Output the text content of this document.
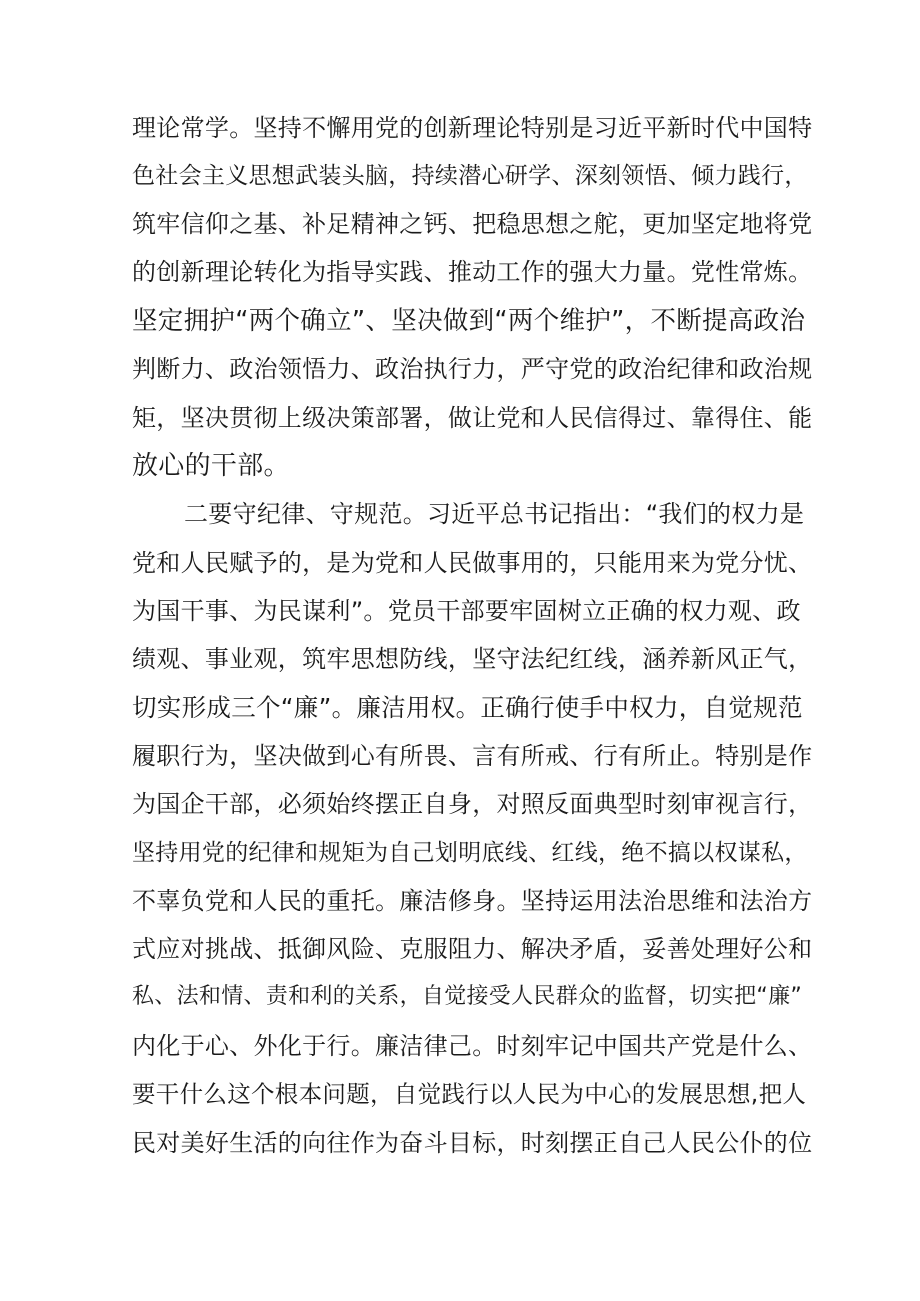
理论常学。坚持不懈用党的创新理论特别是习近平新时代中国特
色社会主义思想武装头脑，持续潜心研学、深刻领悟、倾力践行，
筑牢信仰之基、补足精神之钙、把稳思想之舵，更加坚定地将党
的创新理论转化为指导实践、推动工作的强大力量。党性常炼。
坚定拥护“两个确立”、坚决做到“两个维护”，不断提高政治
判断力、政治领悟力、政治执行力，严守党的政治纪律和政治规
矩，坚决贯彻上级决策部署，做让党和人民信得过、靠得住、能
放心的干部。
二要守纪律、守规范。习近平总书记指出：“我们的权力是
党和人民赋予的，是为党和人民做事用的，只能用来为党分忧、
为国干事、为民谋利”。党员干部要牢固树立正确的权力观、政
绩观、事业观，筑牢思想防线，坚守法纪红线，涵养新风正气，
切实形成三个“廉”。廉洁用权。正确行使手中权力，自觉规范
履职行为，坚决做到心有所畏、言有所戒、行有所止。特别是作
为国企干部，必须始终摆正自身，对照反面典型时刻审视言行，
坚持用党的纪律和规矩为自己划明底线、红线，绝不搞以权谋私，
不辜负党和人民的重托。廉洁修身。坚持运用法治思维和法治方
式应对挑战、抵御风险、克服阻力、解决矛盾，妥善处理好公和
私、法和情、责和利的关系，自觉接受人民群众的监督，切实把“廉”
内化于心、外化于行。廉洁律己。时刻牢记中国共产党是什么、
要干什么这个根本问题，自觉践行以人民为中心的发展思想,把人
民对美好生活的向往作为奋斗目标，时刻摆正自己人民公仆的位
